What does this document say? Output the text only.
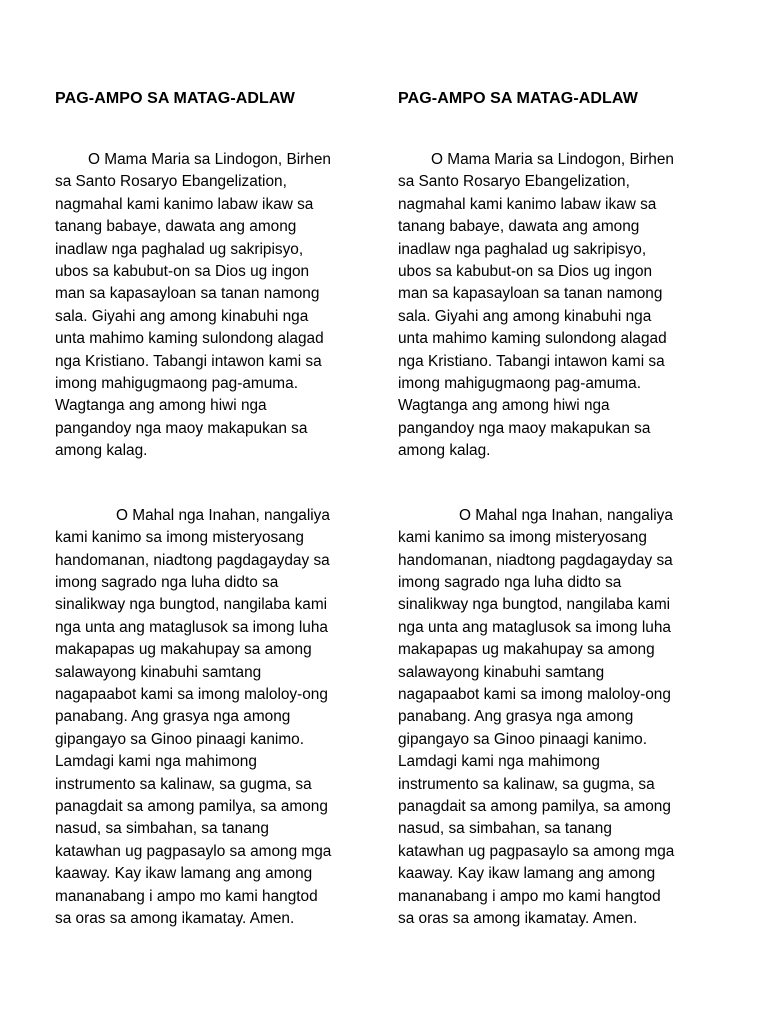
PAG-AMPO SA MATAG-ADLAW

O Mama Maria sa Lindogon, Birhen
sa Santo Rosaryo Ebangelization,
nagmahal kami kanimo labaw ikaw sa
tanang babaye, dawata ang among
inadlaw nga paghalad ug sakripisyo,
ubos sa kabubut-on sa Dios ug ingon
man sa kapasayloan sa tanan namong
sala. Giyahi ang among kinabuhi nga
unta mahimo kaming sulondong alagad
nga Kristiano. Tabangi intawon kami sa
imong mahigugmaong pag-amuma.
Wagtanga ang among hiwi nga
pangandoy nga maoy makapukan sa
among kalag.

O Mahal nga Inahan, nangaliya
kami kanimo sa imong misteryosang
handomanan, niadtong pagdagayday sa
imong sagrado nga luha didto sa
sinalikway nga bungtod, nangilaba kami
nga unta ang mataglusok sa imong luha
makapapas ug makahupay sa among
salawayong kinabuhi samtang
nagapaabot kami sa imong maloloy-ong
panabang. Ang grasya nga among
gipangayo sa Ginoo pinaagi kanimo.
Lamdagi kami nga mahimong
instrumento sa kalinaw, sa gugma, sa
panagdait sa among pamilya, sa among
nasud, sa simbahan, sa tanang
katawhan ug pagpasaylo sa among mga
kaaway. Kay ikaw lamang ang among
mananabang i ampo mo kami hangtod
sa oras sa among ikamatay. Amen.

PAG-AMPO SA MATAG-ADLAW

O Mama Maria sa Lindogon, Birhen
sa Santo Rosaryo Ebangelization,
nagmahal kami kanimo labaw ikaw sa
tanang babaye, dawata ang among
inadlaw nga paghalad ug sakripisyo,
ubos sa kabubut-on sa Dios ug ingon
man sa kapasayloan sa tanan namong
sala. Giyahi ang among kinabuhi nga
unta mahimo kaming sulondong alagad
nga Kristiano. Tabangi intawon kami sa
imong mahigugmaong pag-amuma.
Wagtanga ang among hiwi nga
pangandoy nga maoy makapukan sa
among kalag.

O Mahal nga Inahan, nangaliya
kami kanimo sa imong misteryosang
handomanan, niadtong pagdagayday sa
imong sagrado nga luha didto sa
sinalikway nga bungtod, nangilaba kami
nga unta ang mataglusok sa imong luha
makapapas ug makahupay sa among
salawayong kinabuhi samtang
nagapaabot kami sa imong maloloy-ong
panabang. Ang grasya nga among
gipangayo sa Ginoo pinaagi kanimo.
Lamdagi kami nga mahimong
instrumento sa kalinaw, sa gugma, sa
panagdait sa among pamilya, sa among
nasud, sa simbahan, sa tanang
katawhan ug pagpasaylo sa among mga
kaaway. Kay ikaw lamang ang among
mananabang i ampo mo kami hangtod
sa oras sa among ikamatay. Amen.
